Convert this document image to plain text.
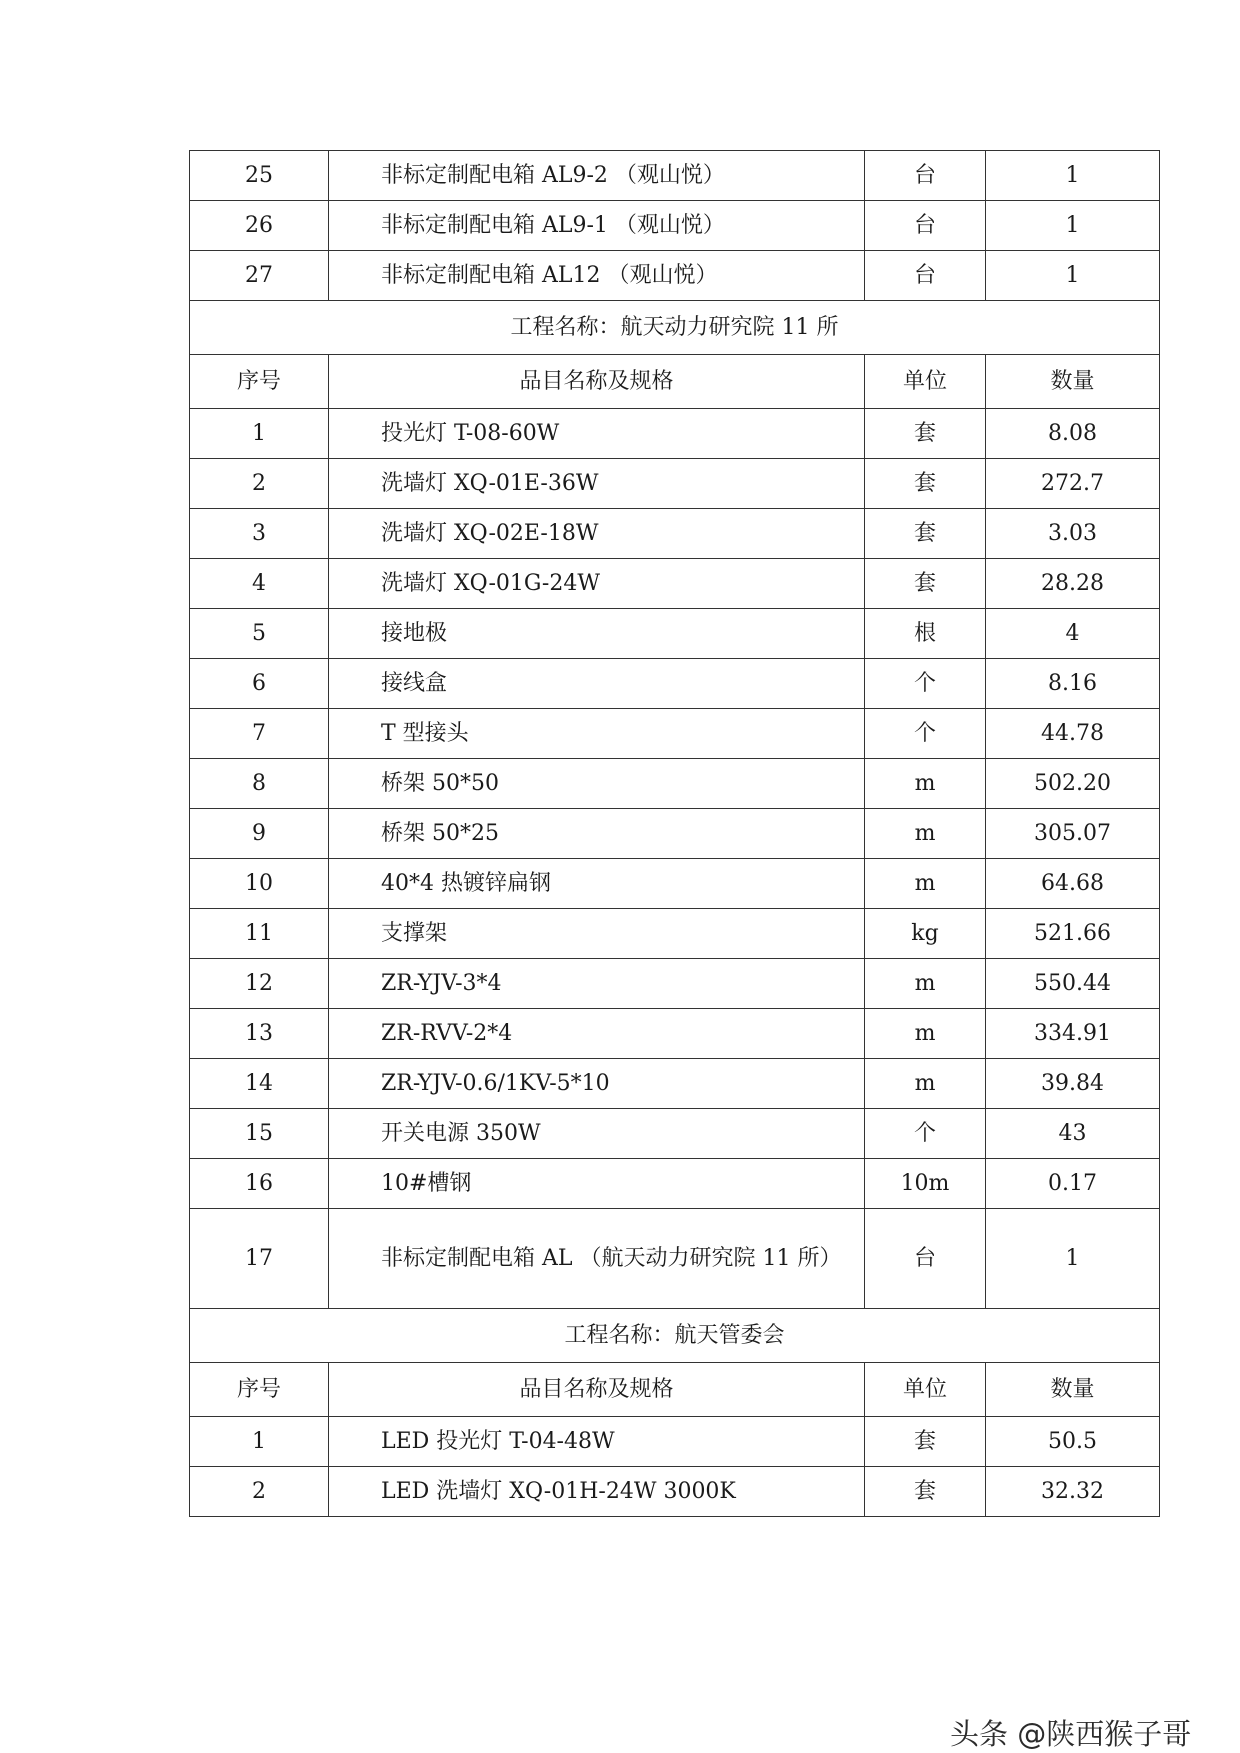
25	非标定制配电箱 AL9-2 （观山悦）	台	1
26	非标定制配电箱 AL9-1 （观山悦）	台	1
27	非标定制配电箱 AL12 （观山悦）	台	1
工程名称：航天动力研究院 11 所			
序号	品目名称及规格	单位	数量
1	投光灯 T-08-60W	套	8.08
2	洗墙灯 XQ-01E-36W	套	272.7
3	洗墙灯 XQ-02E-18W	套	3.03
4	洗墙灯 XQ-01G-24W	套	28.28
5	接地极	根	4
6	接线盒	个	8.16
7	T 型接头	个	44.78
8	桥架 50*50	m	502.20
9	桥架 50*25	m	305.07
10	40*4 热镀锌扁钢	m	64.68
11	支撑架	kg	521.66
12	ZR-YJV-3*4	m	550.44
13	ZR-RVV-2*4	m	334.91
14	ZR-YJV-0.6/1KV-5*10	m	39.84
15	开关电源 350W	个	43
16	10#槽钢	10m	0.17
17	非标定制配电箱 AL （航天动力研究院 11 所）	台	1
工程名称：航天管委会			
序号	品目名称及规格	单位	数量
1	LED 投光灯 T-04-48W	套	50.5
2	LED 洗墙灯 XQ-01H-24W 3000K	套	32.32
头条 @陕西猴子哥
